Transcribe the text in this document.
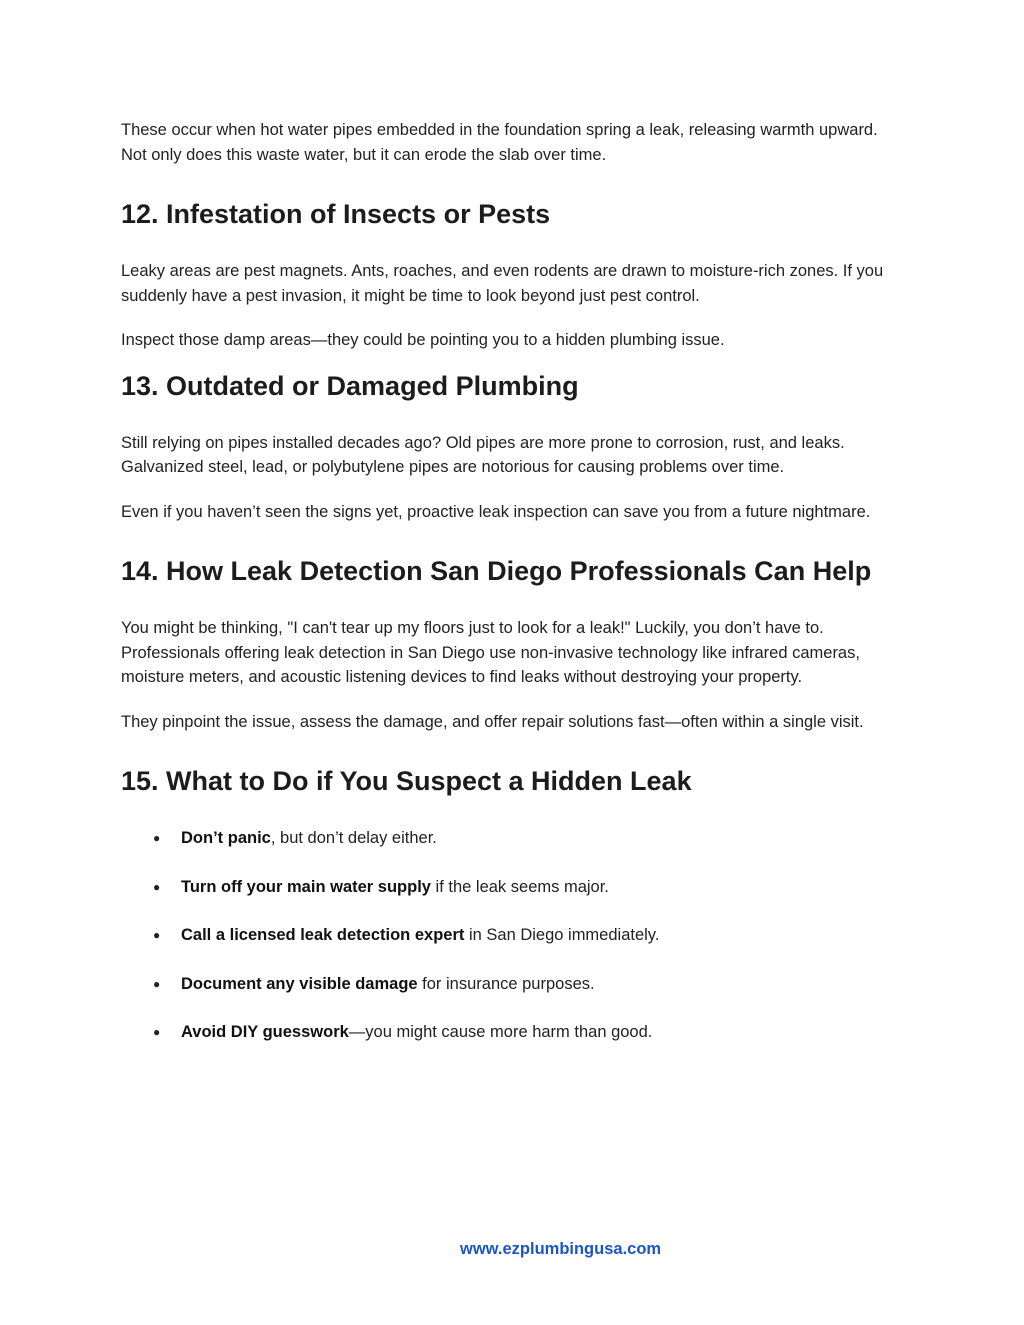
These occur when hot water pipes embedded in the foundation spring a leak, releasing warmth upward. Not only does this waste water, but it can erode the slab over time.

12. Infestation of Insects or Pests

Leaky areas are pest magnets. Ants, roaches, and even rodents are drawn to moisture-rich zones. If you suddenly have a pest invasion, it might be time to look beyond just pest control.

Inspect those damp areas—they could be pointing you to a hidden plumbing issue.

13. Outdated or Damaged Plumbing

Still relying on pipes installed decades ago? Old pipes are more prone to corrosion, rust, and leaks. Galvanized steel, lead, or polybutylene pipes are notorious for causing problems over time.

Even if you haven’t seen the signs yet, proactive leak inspection can save you from a future nightmare.

14. How Leak Detection San Diego Professionals Can Help

You might be thinking, "I can't tear up my floors just to look for a leak!" Luckily, you don’t have to. Professionals offering leak detection in San Diego use non-invasive technology like infrared cameras, moisture meters, and acoustic listening devices to find leaks without destroying your property.

They pinpoint the issue, assess the damage, and offer repair solutions fast—often within a single visit.

15. What to Do if You Suspect a Hidden Leak
● Don’t panic, but don’t delay either.
● Turn off your main water supply if the leak seems major.
● Call a licensed leak detection expert in San Diego immediately.
● Document any visible damage for insurance purposes.
● Avoid DIY guesswork—you might cause more harm than good.
www.ezplumbingusa.com
